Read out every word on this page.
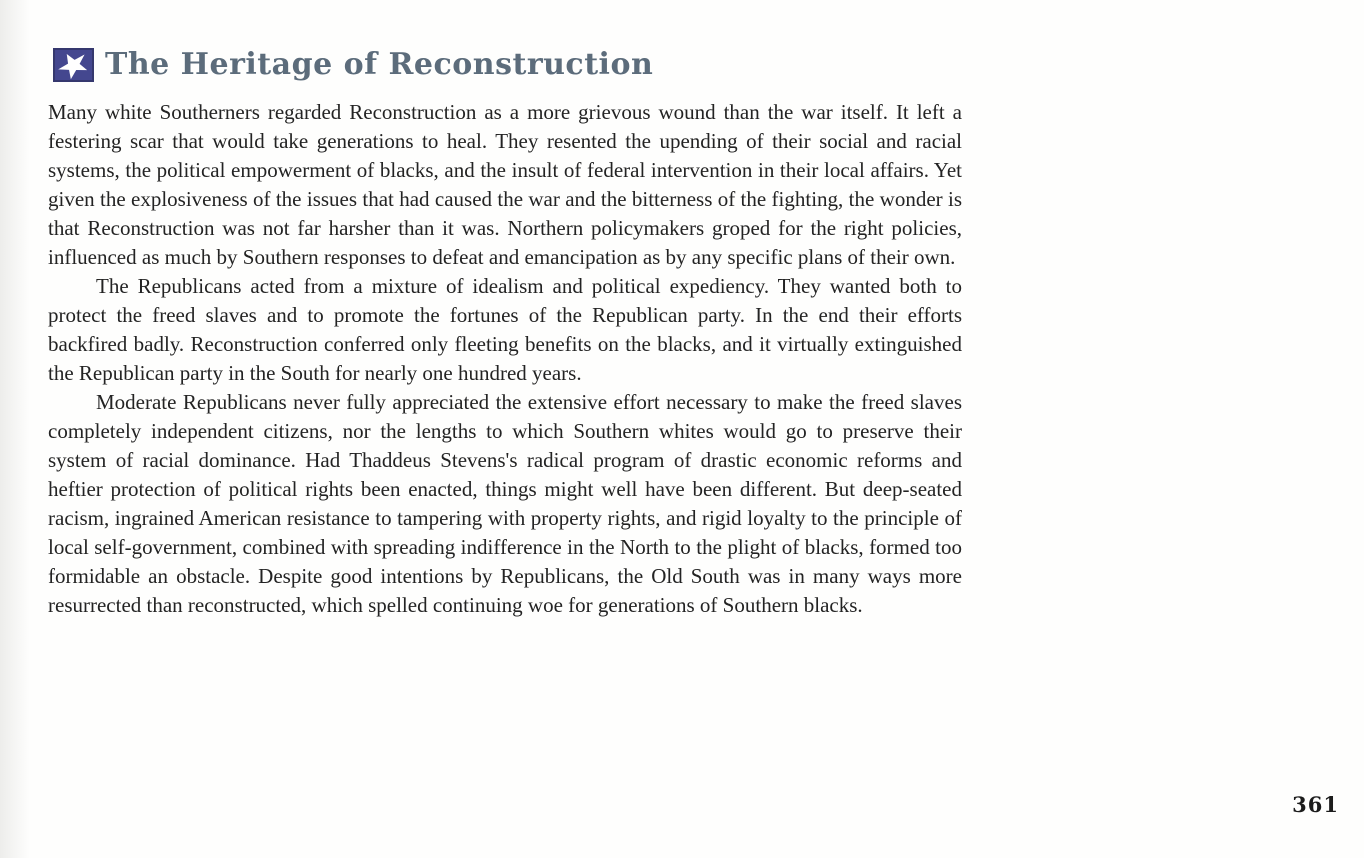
The Heritage of Reconstruction

Many white Southerners regarded Reconstruction as a more grievous wound than the war itself. It left a festering scar that would take generations to heal. They resented the upending of their social and racial systems, the political empowerment of blacks, and the insult of federal intervention in their local affairs. Yet given the explosiveness of the issues that had caused the war and the bitterness of the fighting, the wonder is that Reconstruction was not far harsher than it was. Northern policymakers groped for the right policies, influenced as much by Southern responses to defeat and emancipation as by any specific plans of their own.

The Republicans acted from a mixture of idealism and political expediency. They wanted both to protect the freed slaves and to promote the fortunes of the Republican party. In the end their efforts backfired badly. Reconstruction conferred only fleeting benefits on the blacks, and it virtually extinguished the Republican party in the South for nearly one hundred years.

Moderate Republicans never fully appreciated the extensive effort necessary to make the freed slaves completely independent citizens, nor the lengths to which Southern whites would go to preserve their system of racial dominance. Had Thaddeus Stevens's radical program of drastic economic reforms and heftier protection of political rights been enacted, things might well have been different. But deep-seated racism, ingrained American resistance to tampering with property rights, and rigid loyalty to the principle of local self-government, combined with spreading indifference in the North to the plight of blacks, formed too formidable an obstacle. Despite good intentions by Republicans, the Old South was in many ways more resurrected than reconstructed, which spelled continuing woe for generations of Southern blacks.

361
